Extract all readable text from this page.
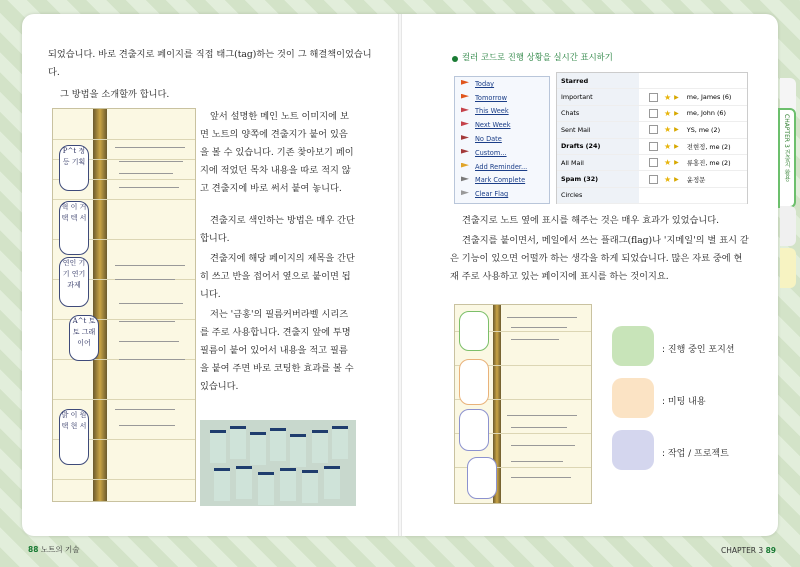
되었습니다. 바로 견출지로 페이지를 직접 태그(tag)하는 것이 그 해결책이었습니다.
그 방법을 소개할까 합니다.
P^t 정등 기획
혁 이 거 택 텍 서
연인 기기 연기 과제
A^t 토토 그래이어
밝 이 원 택 현 서
앞서 설명한 메인 노트 이미지에 보면 노트의 양쪽에 견출지가 붙어 있음을 볼 수 있습니다. 기존 찾아보기 페이지에 적었던 목차 내용을 따로 적지 않고 견출지에 바로 써서 붙여 놓니다.
견출지로 색인하는 방법은 매우 간단합니다.
견출지에 해당 페이지의 제목을 간단히 쓰고 반을 접어서 옆으로 붙이면 됩니다.
저는 '금홍'의 필름커버라벨 시리즈를 주로 사용합니다. 견출지 앞에 투명 필름이 붙어 있어서 내용을 적고 필름을 붙여 주면 바로 코팅한 효과를 볼 수 있습니다.
88 노트의 기술
컬러 코드로 진행 상황을 실시간 표시하기
Today
Tomorrow
This Week
Next Week
No Date
Custom...
Add Reminder...
Mark Complete
Clear Flag
Starred
Important	★ ▶ me, James (6)
Chats	★ ▶ me, John (6)
Sent Mail	★ ▶ YS, me (2)
Drafts (24)	★ ▶ 전현정, me (2)
All Mail	★ ▶ 류홍진, me (2)
Spam (32)	★ ▶ 윤정문
Circles
견출지로 노트 옆에 표시를 해주는 것은 매우 효과가 있었습니다.
견출지를 붙이면서, 메일에서 쓰는 플래그(flag)나 '지메일'의 별 표시 같은 기능이 있으면 어떨까 하는 생각을 하게 되었습니다. 많은 자료 중에 현재 주로 사용하고 있는 페이지에 표시를 하는 것이지요.
: 진행 중인 포지션
: 미팅 내용
: 작업 / 프로젝트
CHAPTER 3 견출지 활용
CHAPTER 3 89
